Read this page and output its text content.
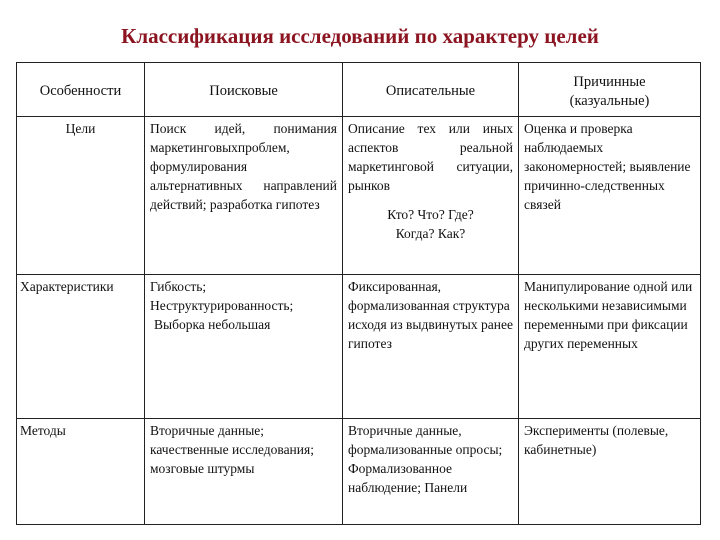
Классификация исследований по характеру целей
Особенности	Поисковые	Описательные	Причинные
(казуальные)
Цели	Поиск идей, понимания маркетинговыхпроблем, формулирования альтернативных направлений действий; разработка гипотез	Описание тех или иных аспектов реальной маркетинговой ситуации, рынков
Кто? Что? Где?
Когда? Как?	Оценка и проверка наблюдаемых закономерностей; выявление причинно-следственных связей
Характеристики	Гибкость;
Неструктурированность;
Выборка небольшая	Фиксированная, формализованная структура исходя из выдвинутых ранее гипотез	Манипулирование одной или несколькими независимыми переменными при фиксации других переменных
Методы	Вторичные данные; качественные исследования; мозговые штурмы	Вторичные данные, формализованные опросы; Формализованное наблюдение; Панели	Эксперименты (полевые, кабинетные)
